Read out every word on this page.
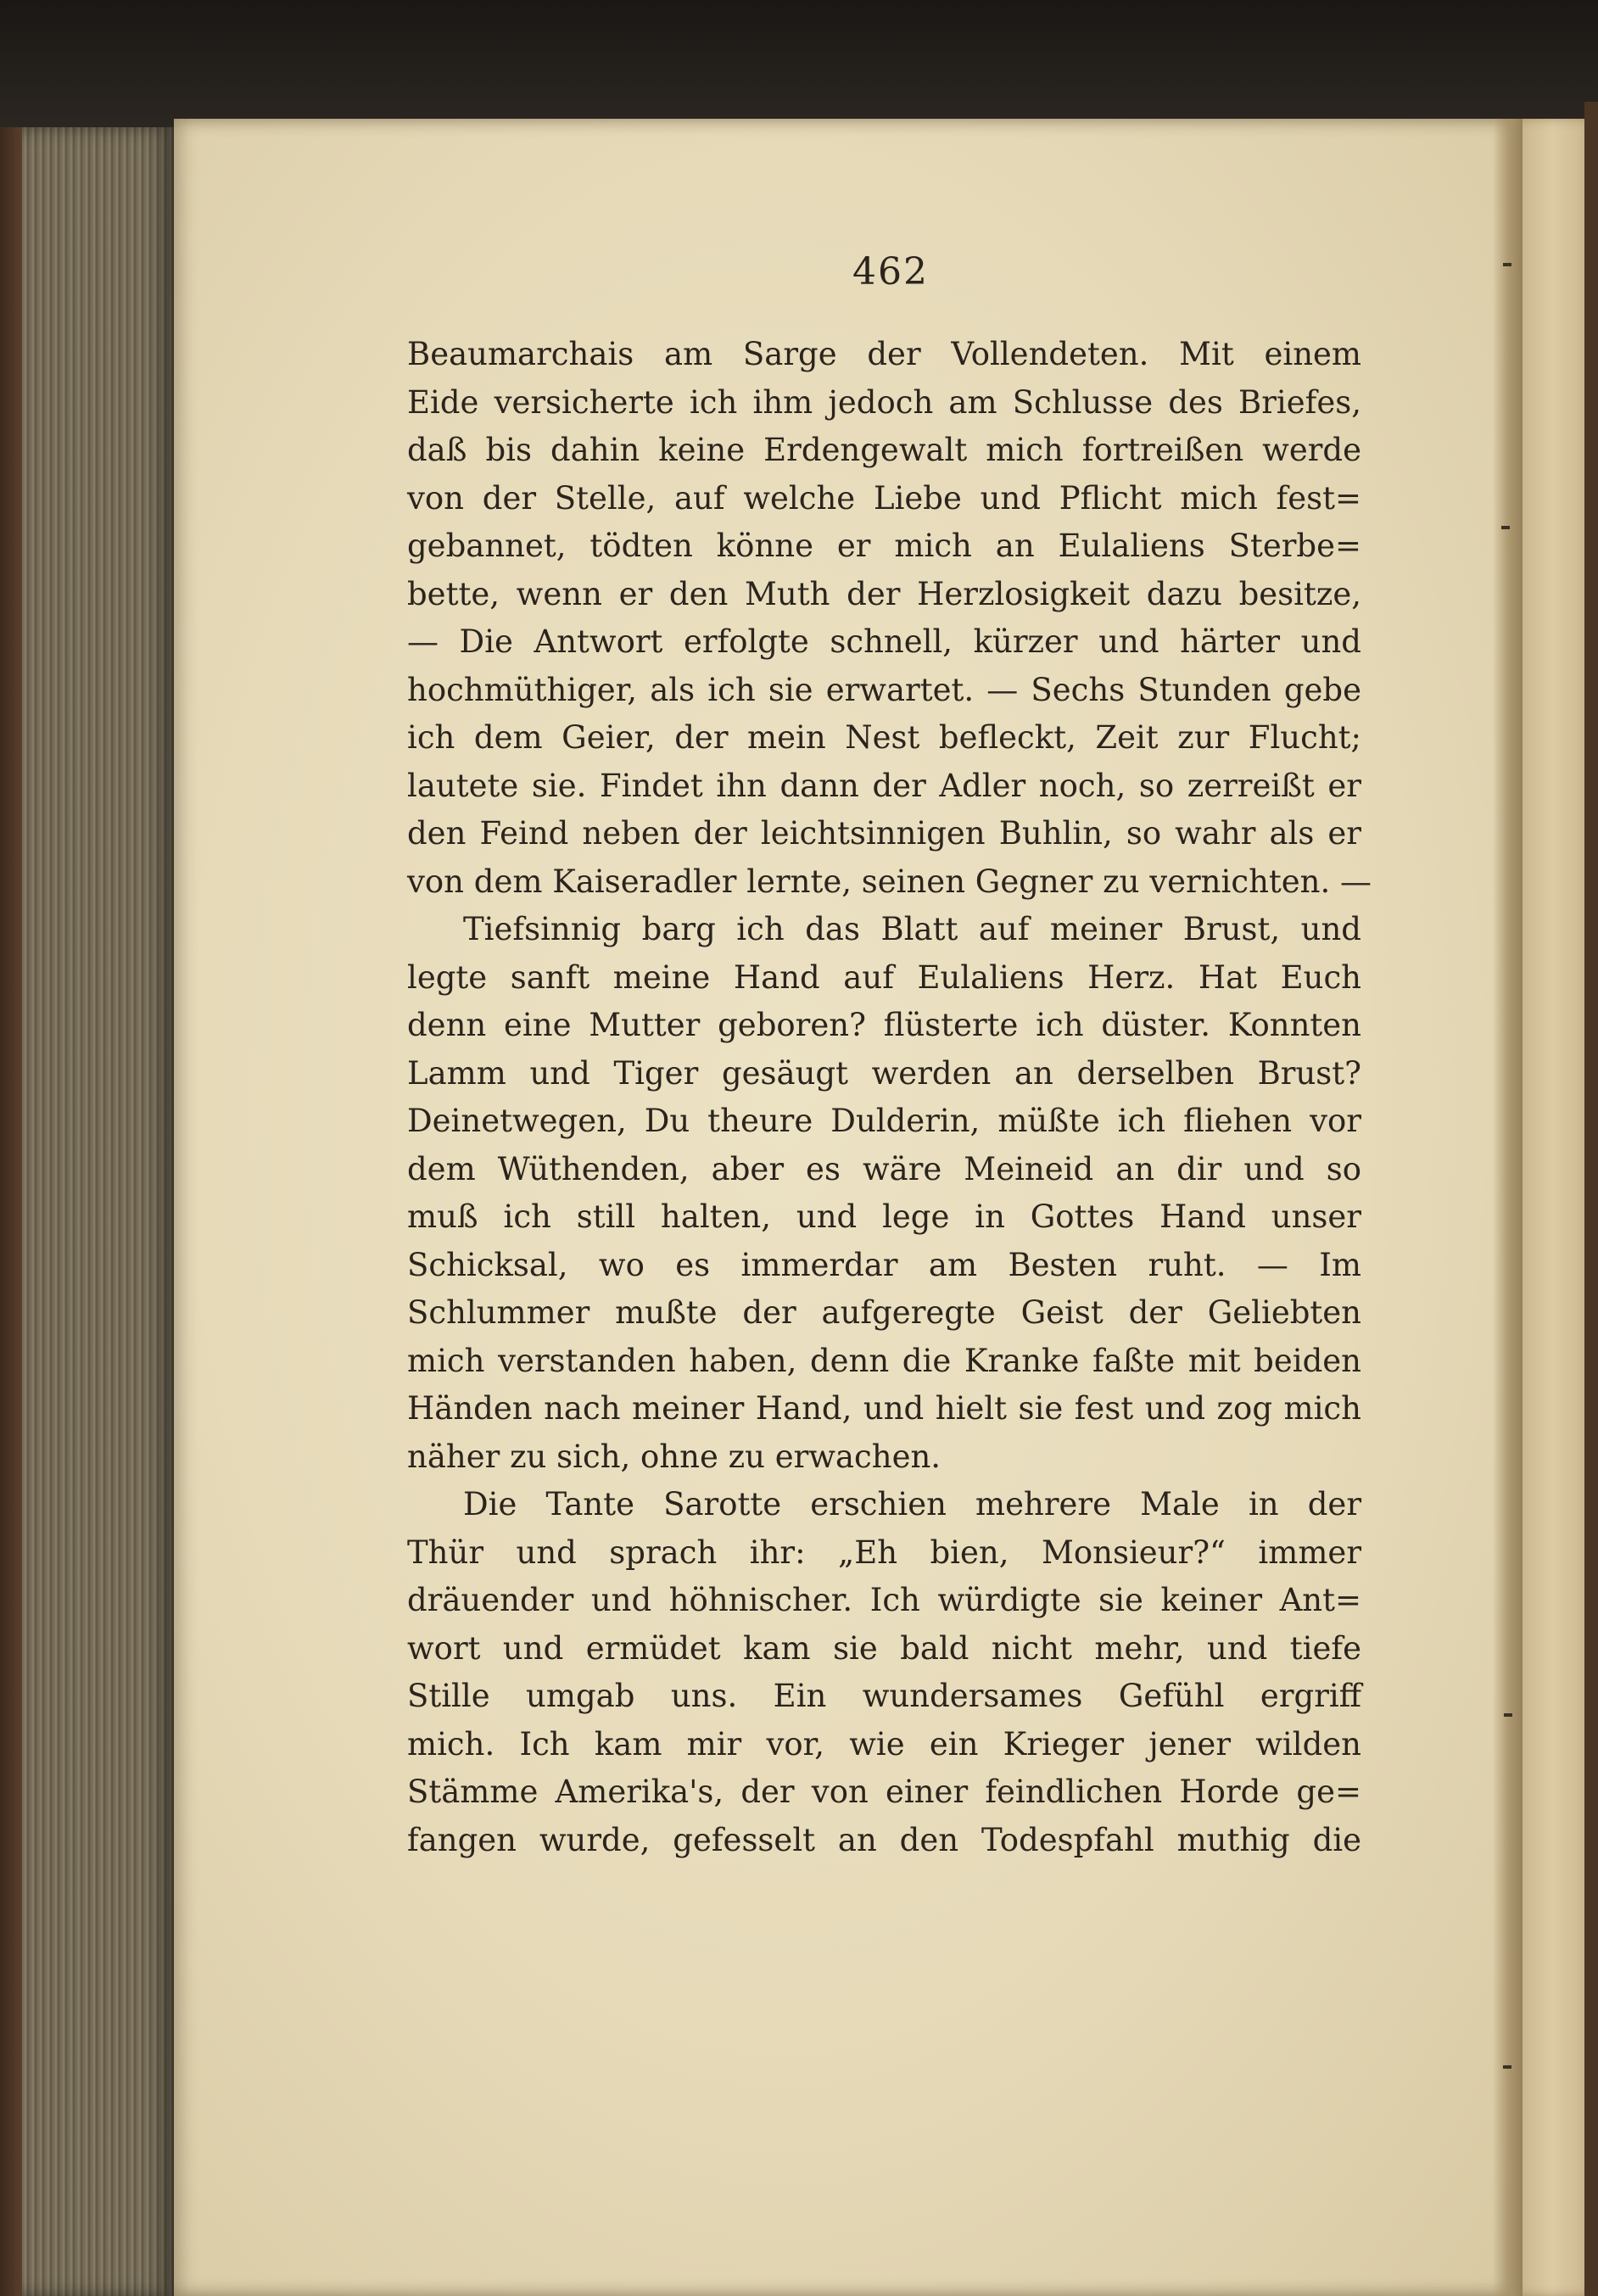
462

Beaumarchais am Sarge der Vollendeten. Mit einem
Eide versicherte ich ihm jedoch am Schlusse des Briefes,
daß bis dahin keine Erdengewalt mich fortreißen werde
von der Stelle, auf welche Liebe und Pflicht mich fest=
gebannet, tödten könne er mich an Eulaliens Sterbe=
bette, wenn er den Muth der Herzlosigkeit dazu besitze,
— Die Antwort erfolgte schnell, kürzer und härter und
hochmüthiger, als ich sie erwartet. — Sechs Stunden gebe
ich dem Geier, der mein Nest befleckt, Zeit zur Flucht;
lautete sie. Findet ihn dann der Adler noch, so zerreißt er
den Feind neben der leichtsinnigen Buhlin, so wahr als er
von dem Kaiseradler lernte, seinen Gegner zu vernichten. —

Tiefsinnig barg ich das Blatt auf meiner Brust, und
legte sanft meine Hand auf Eulaliens Herz. Hat Euch
denn eine Mutter geboren? flüsterte ich düster. Konnten
Lamm und Tiger gesäugt werden an derselben Brust?
Deinetwegen, Du theure Dulderin, müßte ich fliehen vor
dem Wüthenden, aber es wäre Meineid an dir und so
muß ich still halten, und lege in Gottes Hand unser
Schicksal, wo es immerdar am Besten ruht. — Im
Schlummer mußte der aufgeregte Geist der Geliebten
mich verstanden haben, denn die Kranke faßte mit beiden
Händen nach meiner Hand, und hielt sie fest und zog mich
näher zu sich, ohne zu erwachen.

Die Tante Sarotte erschien mehrere Male in der
Thür und sprach ihr: „Eh bien, Monsieur?“ immer
dräuender und höhnischer. Ich würdigte sie keiner Ant=
wort und ermüdet kam sie bald nicht mehr, und tiefe
Stille umgab uns. Ein wundersames Gefühl ergriff
mich. Ich kam mir vor, wie ein Krieger jener wilden
Stämme Amerika's, der von einer feindlichen Horde ge=
fangen wurde, gefesselt an den Todespfahl muthig die
